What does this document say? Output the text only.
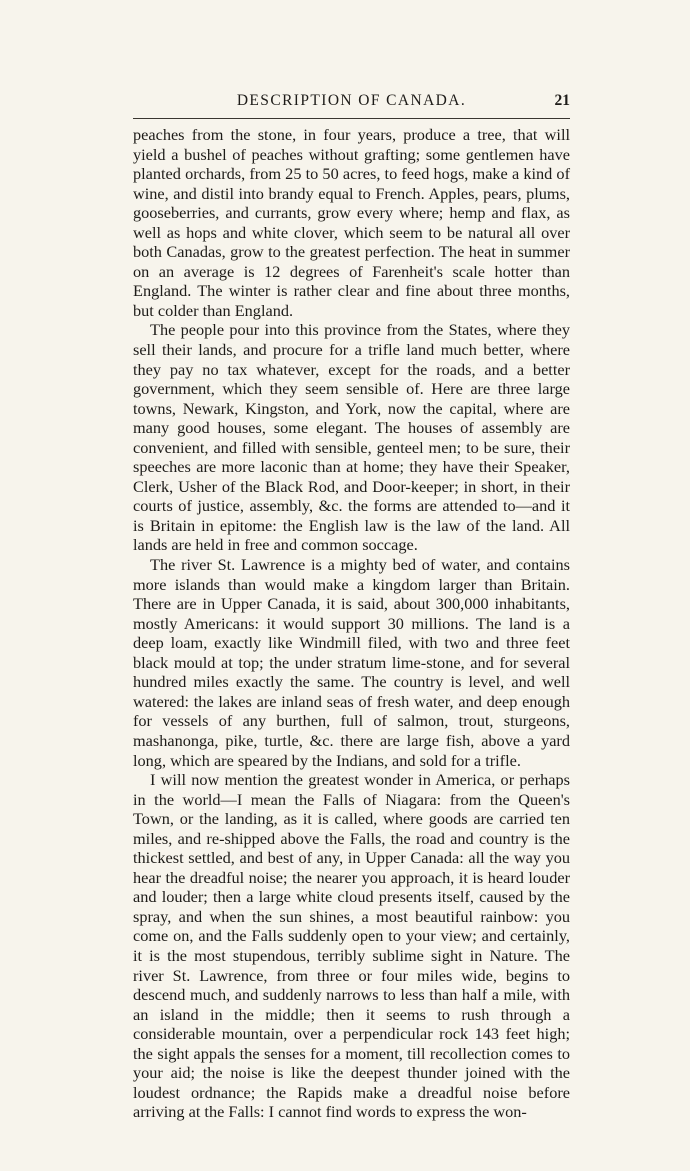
DESCRIPTION OF CANADA.	21

peaches from the stone, in four years, produce a tree, that will yield a bushel of peaches without grafting; some gentlemen have planted orchards, from 25 to 50 acres, to feed hogs, make a kind of wine, and distil into brandy equal to French. Apples, pears, plums, gooseberries, and currants, grow every where; hemp and flax, as well as hops and white clover, which seem to be natural all over both Canadas, grow to the greatest perfection. The heat in summer on an average is 12 degrees of Farenheit's scale hotter than England. The winter is rather clear and fine about three months, but colder than England.

The people pour into this province from the States, where they sell their lands, and procure for a trifle land much better, where they pay no tax whatever, except for the roads, and a better government, which they seem sensible of. Here are three large towns, Newark, Kingston, and York, now the capital, where are many good houses, some elegant. The houses of assembly are convenient, and filled with sensible, genteel men; to be sure, their speeches are more laconic than at home; they have their Speaker, Clerk, Usher of the Black Rod, and Door-keeper; in short, in their courts of justice, assembly, &c. the forms are attended to—and it is Britain in epitome: the English law is the law of the land. All lands are held in free and common soccage.

The river St. Lawrence is a mighty bed of water, and contains more islands than would make a kingdom larger than Britain. There are in Upper Canada, it is said, about 300,000 inhabitants, mostly Americans: it would support 30 millions. The land is a deep loam, exactly like Windmill filed, with two and three feet black mould at top; the under stratum lime-stone, and for several hundred miles exactly the same. The country is level, and well watered: the lakes are inland seas of fresh water, and deep enough for vessels of any burthen, full of salmon, trout, sturgeons, mashanonga, pike, turtle, &c. there are large fish, above a yard long, which are speared by the Indians, and sold for a trifle.

I will now mention the greatest wonder in America, or perhaps in the world—I mean the Falls of Niagara: from the Queen's Town, or the landing, as it is called, where goods are carried ten miles, and re-shipped above the Falls, the road and country is the thickest settled, and best of any, in Upper Canada: all the way you hear the dreadful noise; the nearer you approach, it is heard louder and louder; then a large white cloud presents itself, caused by the spray, and when the sun shines, a most beautiful rainbow: you come on, and the Falls suddenly open to your view; and certainly, it is the most stupendous, terribly sublime sight in Nature. The river St. Lawrence, from three or four miles wide, begins to descend much, and suddenly narrows to less than half a mile, with an island in the middle; then it seems to rush through a considerable mountain, over a perpendicular rock 143 feet high; the sight appals the senses for a moment, till recollection comes to your aid; the noise is like the deepest thunder joined with the loudest ordnance; the Rapids make a dreadful noise before arriving at the Falls: I cannot find words to express the won-
